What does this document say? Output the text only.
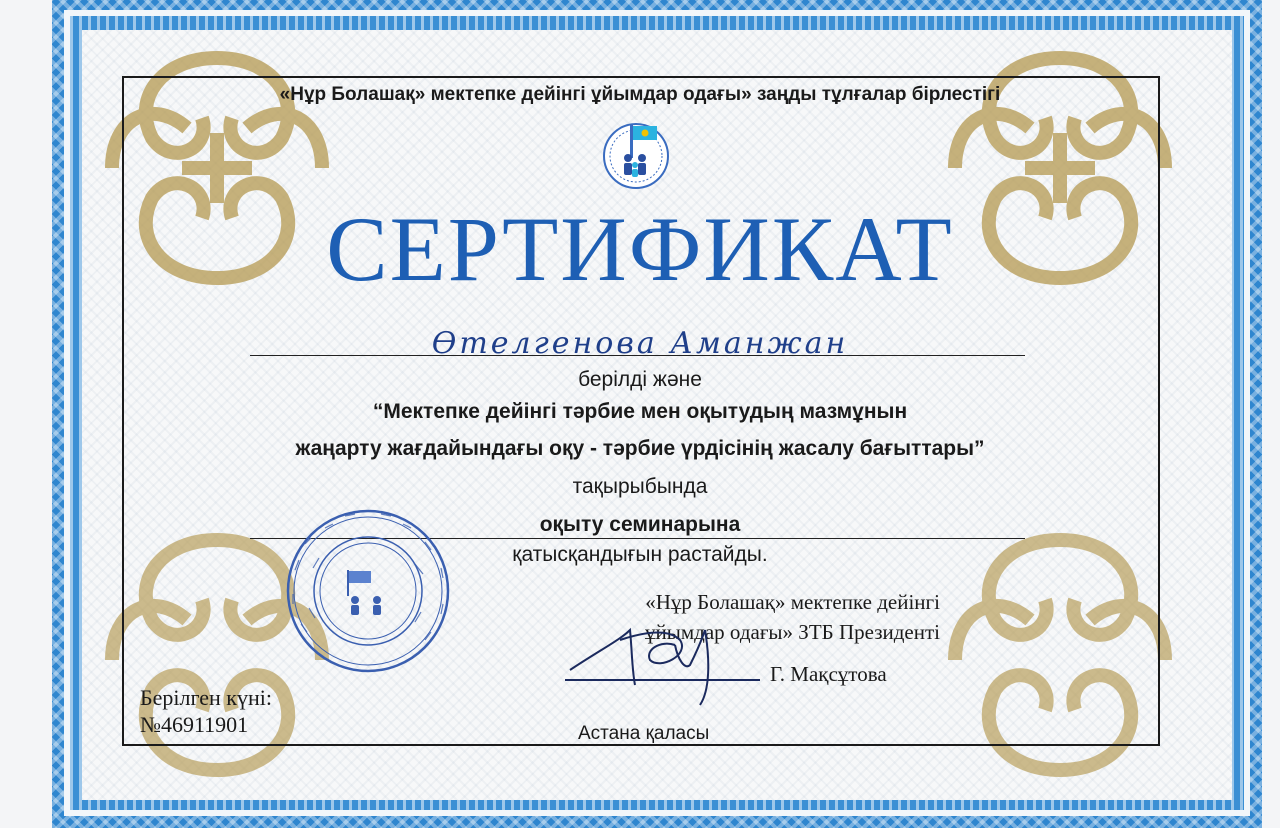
«Нұр Болашақ» мектепке дейінгі ұйымдар одағы» заңды тұлғалар бірлестігі
СЕРТИФИКАТ
Өтелгенова Аманжан
берілді және
“Мектепке дейінгі тәрбие мен оқытудың мазмұнын
жаңарту жағдайындағы оқу - тәрбие үрдісінің жасалу бағыттары”
тақырыбында
оқыту семинарына
қатысқандығын растайды.
«Нұр Болашақ» мектепке дейінгі
ұйымдар одағы» ЗТБ Президенті
Г. Мақсұтова
Берілген күні:
№46911901	Астана қаласы
